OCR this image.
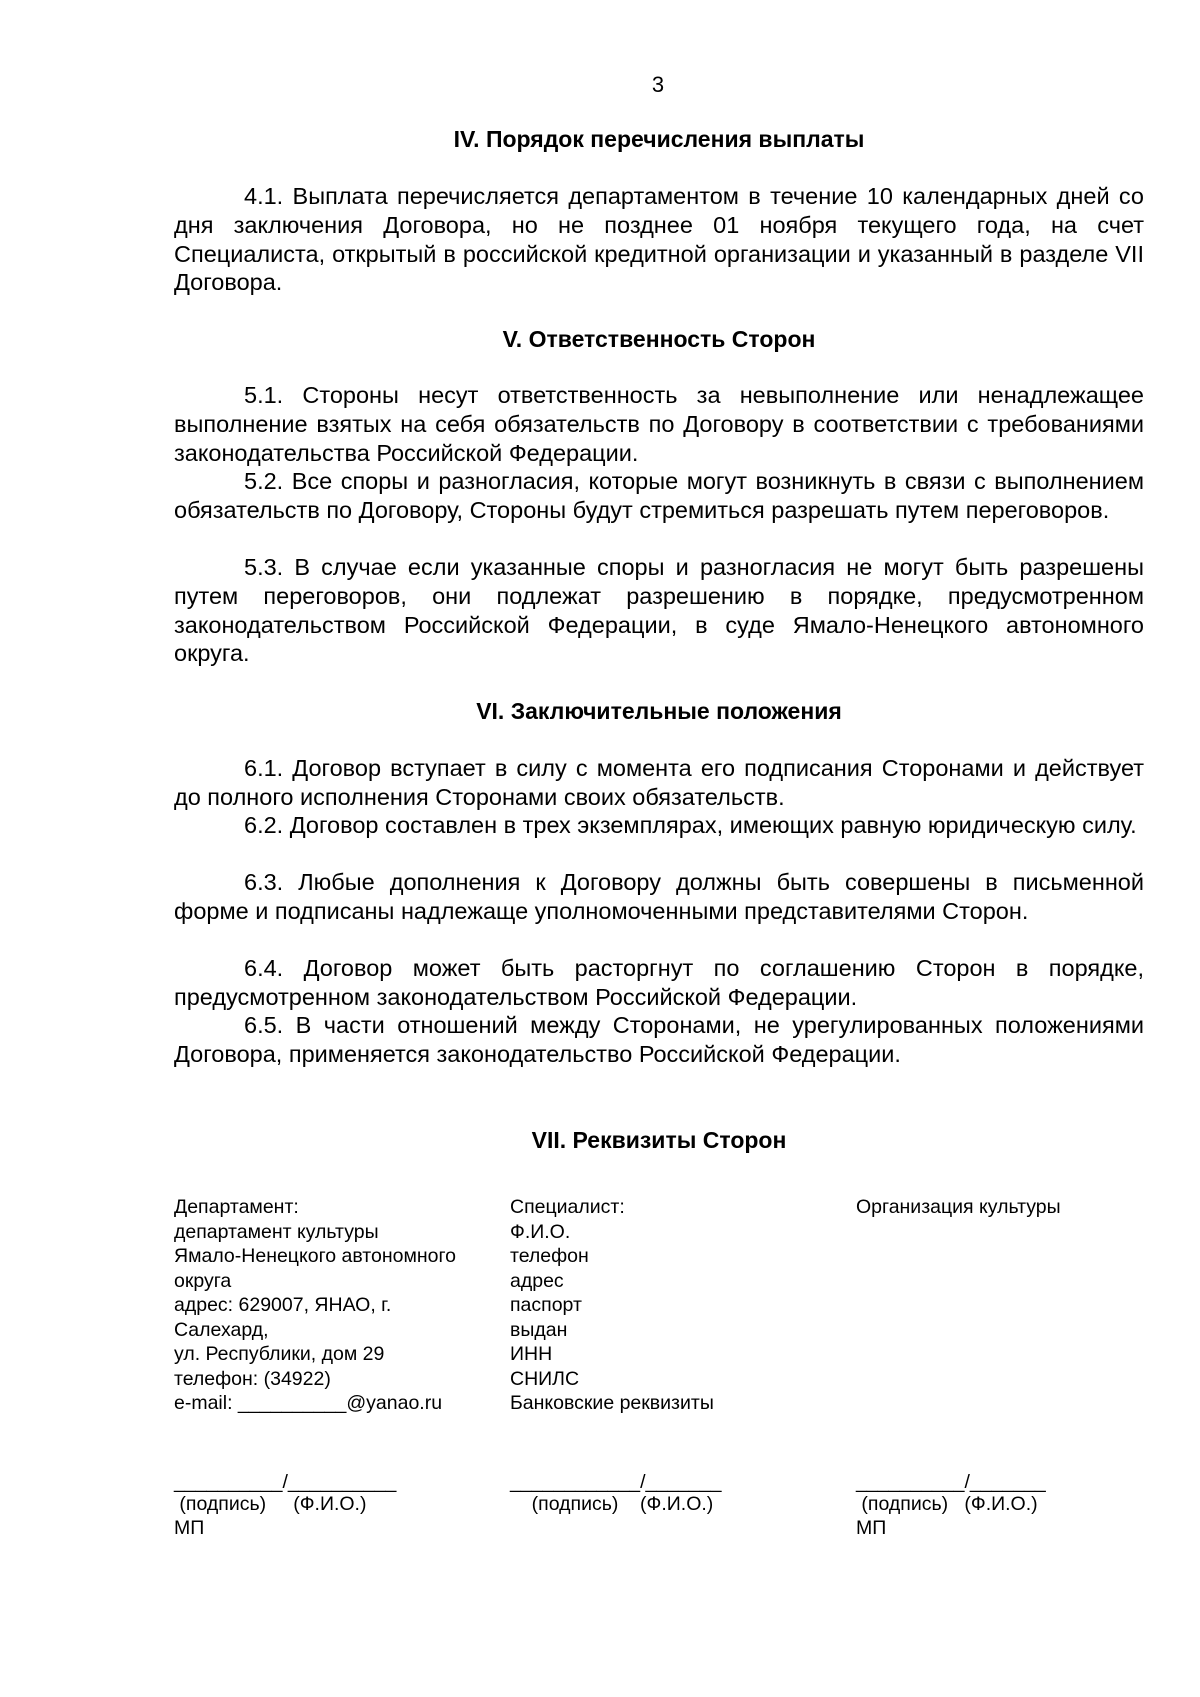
3
IV. Порядок перечисления выплаты

4.1. Выплата перечисляется департаментом в течение 10 календарных дней со дня заключения Договора, но не позднее 01 ноября текущего года, на счет Специалиста, открытый в российской кредитной организации и указанный в разделе VII Договора.

V. Ответственность Сторон

5.1. Стороны несут ответственность за невыполнение или ненадлежащее выполнение взятых на себя обязательств по Договору в соответствии с требованиями законодательства Российской Федерации.

5.2. Все споры и разногласия, которые могут возникнуть в связи с выполнением обязательств по Договору, Стороны будут стремиться разрешать путем переговоров.

5.3. В случае если указанные споры и разногласия не могут быть разрешены путем переговоров, они подлежат разрешению в порядке, предусмотренном законодательством Российской Федерации, в суде Ямало-Ненецкого автономного округа.

VI. Заключительные положения

6.1. Договор вступает в силу с момента его подписания Сторонами и действует до полного исполнения Сторонами своих обязательств.

6.2. Договор составлен в трех экземплярах, имеющих равную юридическую силу.

6.3. Любые дополнения к Договору должны быть совершены в письменной форме и подписаны надлежаще уполномоченными представителями Сторон.

6.4. Договор может быть расторгнут по соглашению Сторон в порядке, предусмотренном законодательством Российской Федерации.

6.5. В части отношений между Сторонами, не урегулированных положениями Договора, применяется законодательство Российской Федерации.

VII. Реквизиты Сторон
Департамент:
департамент культуры
Ямало-Ненецкого автономного
округа
адрес: 629007, ЯНАО, г.
Салехард,
ул. Республики, дом 29
телефон: (34922)
e-mail: __________@yanao.ru
Специалист:
Ф.И.О.
телефон
адрес
паспорт
выдан
ИНН
СНИЛС
Банковские реквизиты
Организация культуры
__________/__________
(подпись)     (Ф.И.О.)
МП
____________/_______
(подпись)    (Ф.И.О.)
__________/_______
(подпись)   (Ф.И.О.)
МП
